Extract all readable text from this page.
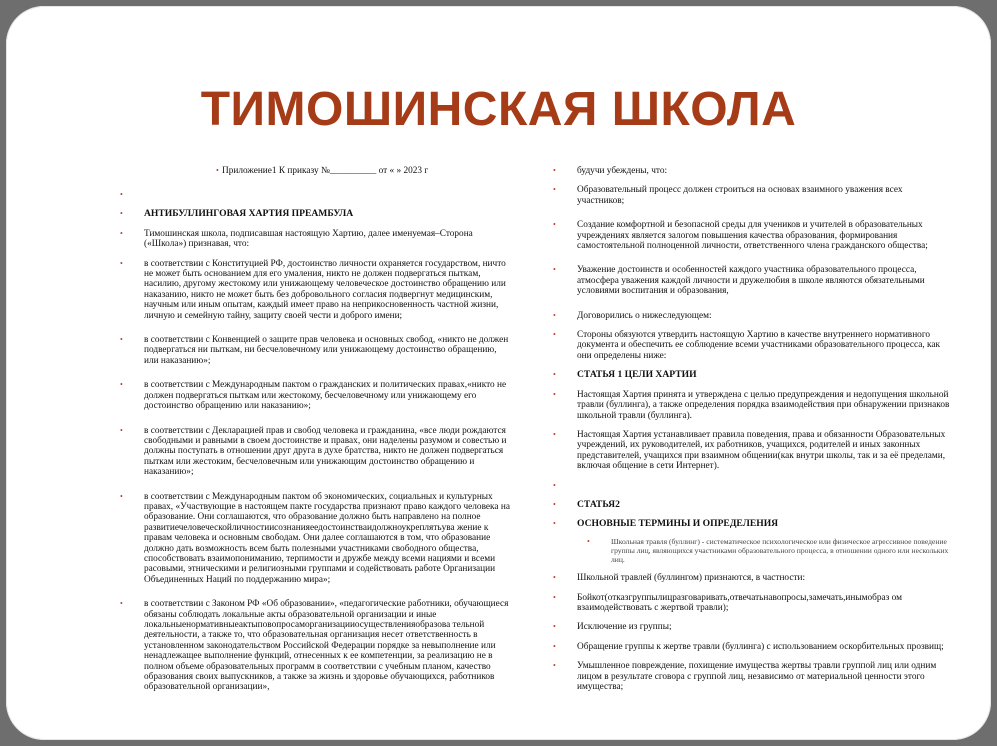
ТИМОШИНСКАЯ ШКОЛА
• Приложение1 К приказу №__________ от « » 2023 г
•
• АНТИБУЛЛИНГОВАЯ ХАРТИЯ ПРЕАМБУЛА
• Тимошинская школа, подписавшая настоящую Хартию, далее именуемая–Сторона («Школа») признавая, что:
• в соответствии с Конституцией РФ, достоинство личности охраняется государством, ничто не может быть основанием для его умаления, никто не должен подвергаться пыткам, насилию, другому жестокому или унижающему человеческое достоинство обращению или наказанию, никто не может быть без добровольного согласия подвергнут медицинским, научным или иным опытам, каждый имеет право на неприкосновенность частной жизни, личную и семейную тайну, защиту своей чести и доброго имени;
• в соответствии с Конвенцией о защите прав человека и основных свобод, «никто не должен подвергаться ни пыткам, ни бесчеловечному или унижающему достоинство обращению, или наказанию»;
• в соответствии с Международным пактом о гражданских и политических правах,«никто не должен подвергаться пыткам или жестокому, бесчеловечному или унижающему его достоинство обращению или наказанию»;
• в соответствии с Декларацией прав и свобод человека и гражданина, «все люди рождаются свободными и равными в своем достоинстве и правах, они наделены разумом и совестью и должны поступать в отношении друг друга в духе братства, никто не должен подвергаться пыткам или жестоким, бесчеловечным или унижающим достоинство обращению и наказанию»;
• в соответствии с Международным пактом об экономических, социальных и культурных правах, «Участвующие в настоящем пакте государства признают право каждого человека на образование. Они соглашаются, что образование должно быть направлено на полное развитиечеловеческойличностиисознанияеедостоинстваидолжноукреплятьува жение к правам человека и основным свободам. Они далее соглашаются в том, что образование должно дать возможность всем быть полезными участниками свободного общества, способствовать взаимопониманию, терпимости и дружбе между всеми нациями и всеми расовыми, этническими и религиозными группами и содействовать работе Организации Объединенных Наций по поддержанию мира»;
• в соответствии с Законом РФ «Об образовании», «педагогические работники, обучающиеся обязаны соблюдать локальные акты образовательной организации и иные локальныенормативныеактыповопросаморганизацииосуществленияобразова тельной деятельности, а также то, что образовательная организация несет ответственность в установленном законодательством Российской Федерации порядке за невыполнение или ненадлежащее выполнение функций, отнесенных к ее компетенции, за реализацию не в полном объеме образовательных программ в соответствии с учебным планом, качество образования своих выпускников, а также за жизнь и здоровье обучающихся, работников образовательной организации»,
• будучи убеждены, что:
• Образовательный процесс должен строиться на основах взаимного уважения всех участников;
• Создание комфортной и безопасной среды для учеников и учителей в образовательных учреждениях является залогом повышения качества образования, формирования самостоятельной полноценной личности, ответственного члена гражданского общества;
• Уважение достоинств и особенностей каждого участника образовательного процесса, атмосфера уважения каждой личности и дружелюбия в школе являются обязательными условиями воспитания и образования,
• Договорились о нижеследующем:
• Стороны обязуются утвердить настоящую Хартию в качестве внутреннего нормативного документа и обеспечить ее соблюдение всеми участниками образовательного процесса, как они определены ниже:
• СТАТЬЯ 1 ЦЕЛИ ХАРТИИ
• Настоящая Хартия принята и утверждена с целью предупреждения и недопущения школьной травли (буллинга), а также определения порядка взаимодействия при обнаружении признаков школьной травли (буллинга).
• Настоящая Хартия устанавливает правила поведения, права и обязанности Образовательных учреждений, их руководителей, их работников, учащихся, родителей и иных законных представителей, учащихся при взаимном общении(как внутри школы, так и за её пределами, включая общение в сети Интернет).
•
• СТАТЬЯ2
• ОСНОВНЫЕ ТЕРМИНЫ И ОПРЕДЕЛЕНИЯ
•	Школьная травля (буллинг) - систематическое психологическое или физическое агрессивное поведение группы лиц, являющихся участниками образовательного процесса, в отношении одного или нескольких лиц.
• Школьной травлей (буллингом) признаются, в частности:
• Бойкот(отказгруппылицразговаривать,отвечатьнавопросы,замечать,инымобраз ом взаимодействовать с жертвой травли);
• Исключение из группы;
• Обращение группы к жертве травли (буллинга) с использованием оскорбительных прозвищ;
• Умышленное повреждение, похищение имущества жертвы травли группой лиц или одним лицом в результате сговора с группой лиц, независимо от материальной ценности этого имущества;
